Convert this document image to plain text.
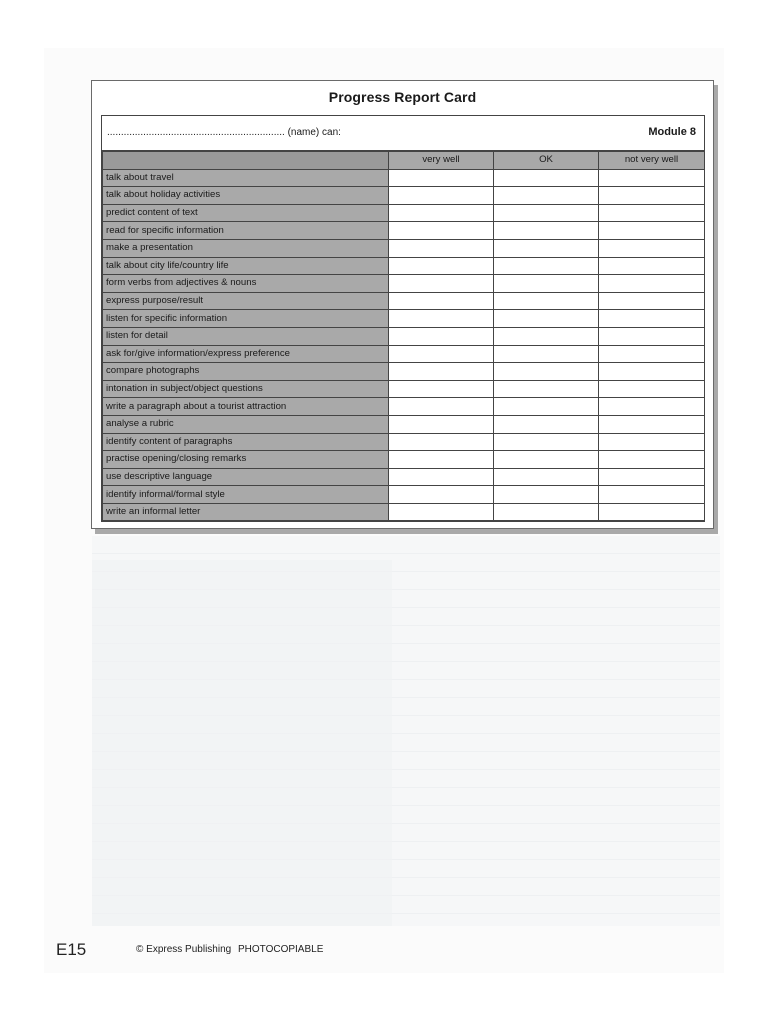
Progress Report Card
................................................................ (name) can:	Module 8
	very well	OK	not very well
talk about travel			
talk about holiday activities			
predict content of text			
read for specific information			
make a presentation			
talk about city life/country life			
form verbs from adjectives & nouns			
express purpose/result			
listen for specific information			
listen for detail			
ask for/give information/express preference			
compare photographs			
intonation in subject/object questions			
write a paragraph about a tourist attraction			
analyse a rubric			
identify content of paragraphs			
practise opening/closing remarks			
use descriptive language			
identify informal/formal style			
write an informal letter			
E15	© Express Publishing PHOTOCOPIABLE
